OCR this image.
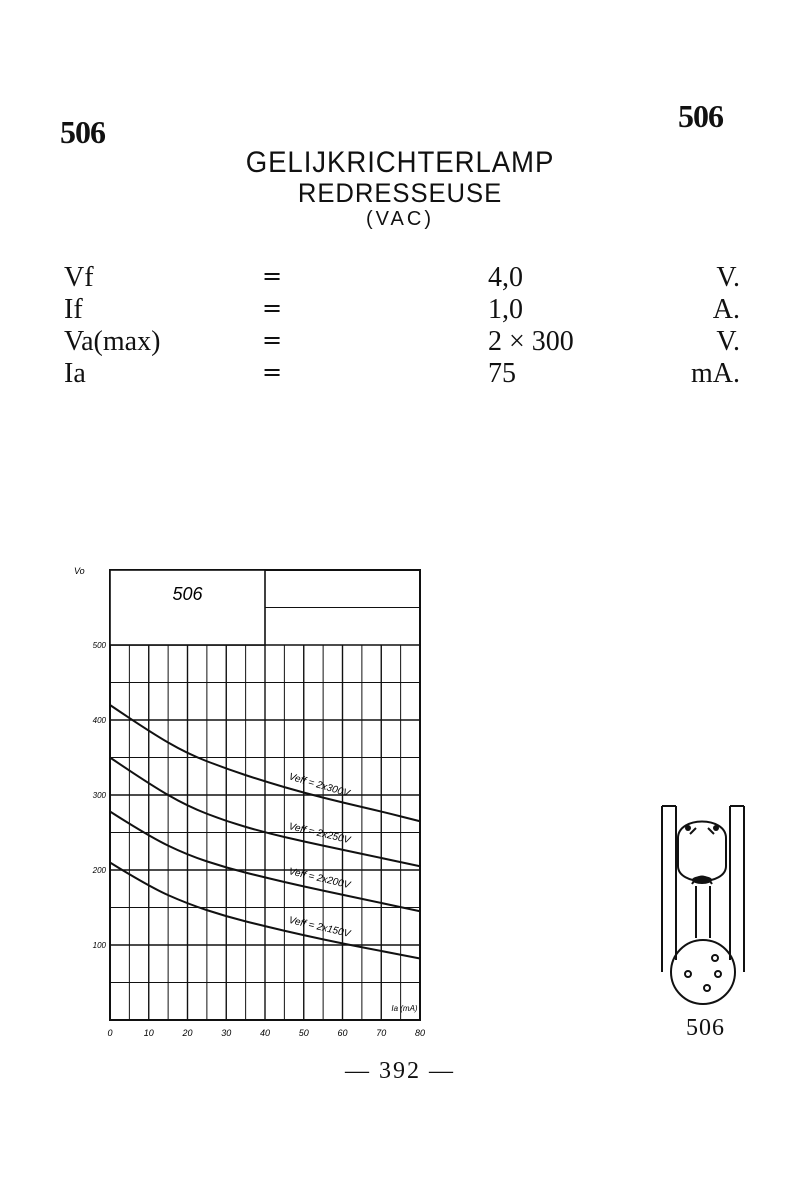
506	506
GELIJKRICHTERLAMP
REDRESSEUSE
(VAC)
Vf	=	4,0	V.
If	=	1,0	A.
Va(max)	=	2 × 300	V.
Ia	=	75	mA.
506
Vo
100
200
300
400
500
0	10	20	30	40	50	60	70	80
Ia (mA)
Veff = 2x300V
Veff = 2x250V
Veff = 2x200V
Veff = 2x150V
506
— 392 —
